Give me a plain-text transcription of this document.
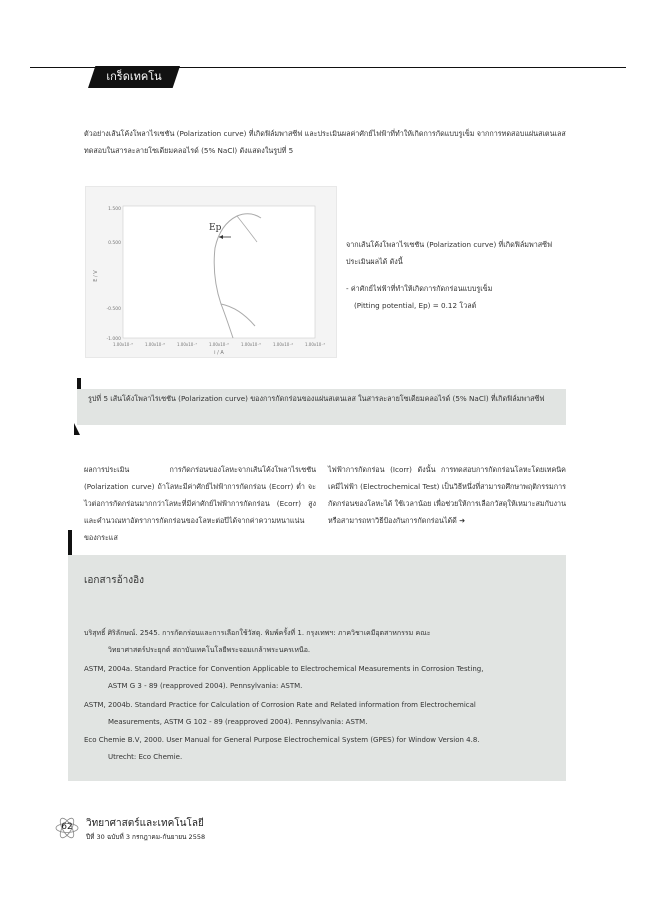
เกร็ดเทคโน
ตัวอย่างเส้นโค้งโพลาไรเซชัน (Polarization curve) ที่เกิดฟิล์มพาสซีฟ และประเมินผลค่าศักย์ไฟฟ้าที่ทำให้เกิดการกัดแบบรูเข็ม จากการทดสอบแผ่นสเตนเลส ทดสอบในสารละลายโซเดียมคลอไรด์ (5% NaCl) ดังแสดงในรูปที่ 5
Ep
1.500
0.500
-0.500
-1.000
1.00x10⁻⁹	1.00x10⁻⁸	1.00x10⁻⁷	1.00x10⁻⁶	1.00x10⁻⁵	1.00x10⁻⁴	1.00x10⁻³
E / V
i / A
จากเส้นโค้งโพลาไรเซชัน (Polarization curve) ที่เกิดฟิล์มพาสซีฟ ประเมินผลได้ ดังนี้
- ค่าศักย์ไฟฟ้าที่ทำให้เกิดการกัดกร่อนแบบรูเข็ม
(Pitting potential, Ep) = 0.12 โวลต์
รูปที่ 5 เส้นโค้งโพลาไรเซชัน (Polarization curve) ของการกัดกร่อนของแผ่นสเตนเลส ในสารละลายโซเดียมคลอไรด์ (5% NaCl) ที่เกิดฟิล์มพาสซีฟ
ผลการประเมิน การกัดกร่อนของโลหะจากเส้นโค้งโพลาไรเซชัน (Polarization curve) ถ้าโลหะมีค่าศักย์ไฟฟ้าการกัดกร่อน (Ecorr) ต่ำ จะไวต่อการกัดกร่อนมากกว่าโลหะที่มีค่าศักย์ไฟฟ้าการกัดกร่อน (Ecorr) สูง และคำนวณหาอัตราการกัดกร่อนของโลหะต่อปีได้จากค่าความหนาแน่นของกระแส
ไฟฟ้าการกัดกร่อน (Icorr) ดังนั้น การทดสอบการกัดกร่อนโลหะโดยเทคนิคเคมีไฟฟ้า (Electrochemical Test) เป็นวิธีหนึ่งที่สามารถศึกษาพฤติกรรมการกัดกร่อนของโลหะได้ ใช้เวลาน้อย เพื่อช่วยให้การเลือกวัสดุให้เหมาะสมกับงานหรือสามารถหาวิธีป้องกันการกัดกร่อนได้ดี ➜
เอกสารอ้างอิง
บริสุทธิ์ ศิริลักษณ์. 2545. การกัดกร่อนและการเลือกใช้วัสดุ. พิมพ์ครั้งที่ 1. กรุงเทพฯ: ภาควิชาเคมีอุตสาหกรรม คณะ
วิทยาศาสตร์ประยุกต์ สถาบันเทคโนโลยีพระจอมเกล้าพระนครเหนือ.
ASTM, 2004a. Standard Practice for Convention Applicable to Electrochemical Measurements in Corrosion Testing,
ASTM G 3 - 89 (reapproved 2004). Pennsylvania: ASTM.
ASTM, 2004b. Standard Practice for Calculation of Corrosion Rate and Related information from Electrochemical
Measurements, ASTM G 102 - 89 (reapproved 2004). Pennsylvania: ASTM.
Eco Chemie B.V, 2000. User Manual for General Purpose Electrochemical System (GPES) for Window Version 4.8.
Utrecht: Eco Chemie.
62	วิทยาศาสตร์และเทคโนโลยี
ปีที่ 30 ฉบับที่ 3 กรกฎาคม-กันยายน 2558
